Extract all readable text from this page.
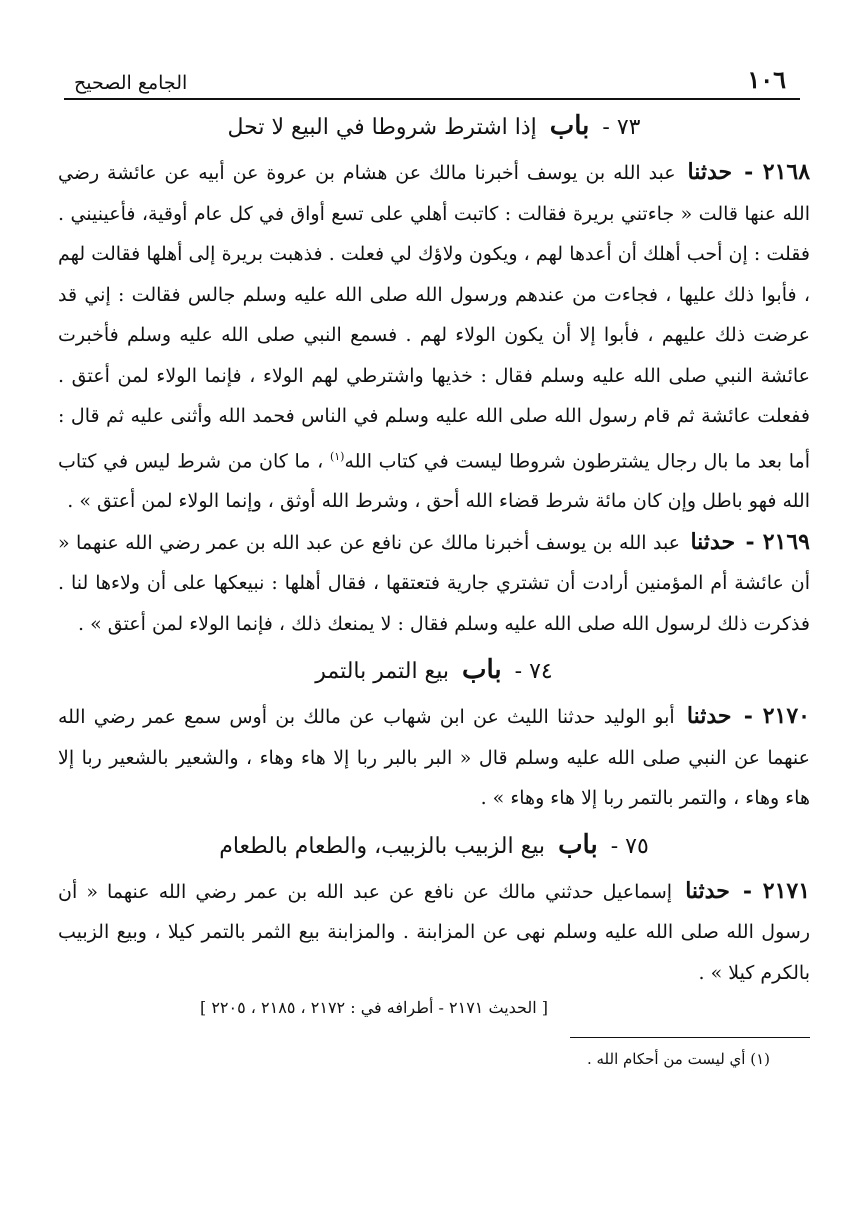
الجامع الصحيح	١٠٦
٧٣ - باب إذا اشترط شروطا في البيع لا تحل

٢١٦٨ - حدثنا عبد الله بن يوسف أخبرنا مالك عن هشام بن عروة عن أبيه عن عائشة رضي الله عنها قالت « جاءتني بريرة فقالت : كاتبت أهلي على تسع أواق في كل عام أوقية، فأعينيني . فقلت : إن أحب أهلك أن أعدها لهم ، ويكون ولاؤك لي فعلت . فذهبت بريرة إلى أهلها فقالت لهم ، فأبوا ذلك عليها ، فجاءت من عندهم ورسول الله صلى الله عليه وسلم جالس فقالت : إني قد عرضت ذلك عليهم ، فأبوا إلا أن يكون الولاء لهم . فسمع النبي صلى الله عليه وسلم فأخبرت عائشة النبي صلى الله عليه وسلم فقال : خذيها واشترطي لهم الولاء ، فإنما الولاء لمن أعتق . ففعلت عائشة ثم قام رسول الله صلى الله عليه وسلم في الناس فحمد الله وأثنى عليه ثم قال : أما بعد ما بال رجال يشترطون شروطا ليست في كتاب الله$^{(١)}$ ، ما كان من شرط ليس في كتاب الله فهو باطل وإن كان مائة شرط قضاء الله أحق ، وشرط الله أوثق ، وإنما الولاء لمن أعتق » .

٢١٦٩ - حدثنا عبد الله بن يوسف أخبرنا مالك عن نافع عن عبد الله بن عمر رضي الله عنهما « أن عائشة أم المؤمنين أرادت أن تشتري جارية فتعتقها ، فقال أهلها : نبيعكها على أن ولاءها لنا . فذكرت ذلك لرسول الله صلى الله عليه وسلم فقال : لا يمنعك ذلك ، فإنما الولاء لمن أعتق » .

٧٤ - باب بيع التمر بالتمر

٢١٧٠ - حدثنا أبو الوليد حدثنا الليث عن ابن شهاب عن مالك بن أوس سمع عمر رضي الله عنهما عن النبي صلى الله عليه وسلم قال « البر بالبر ربا إلا هاء وهاء ، والشعير بالشعير ربا إلا هاء وهاء ، والتمر بالتمر ربا إلا هاء وهاء » .

٧٥ - باب بيع الزبيب بالزبيب، والطعام بالطعام

٢١٧١ - حدثنا إسماعيل حدثني مالك عن نافع عن عبد الله بن عمر رضي الله عنهما « أن رسول الله صلى الله عليه وسلم نهى عن المزابنة . والمزابنة بيع الثمر بالتمر كيلا ، وبيع الزبيب بالكرم كيلا » .

[ الحديث ٢١٧١ - أطرافه في : ٢١٧٢ ، ٢١٨٥ ، ٢٢٠٥ ]

(١) أي ليست من أحكام الله .
